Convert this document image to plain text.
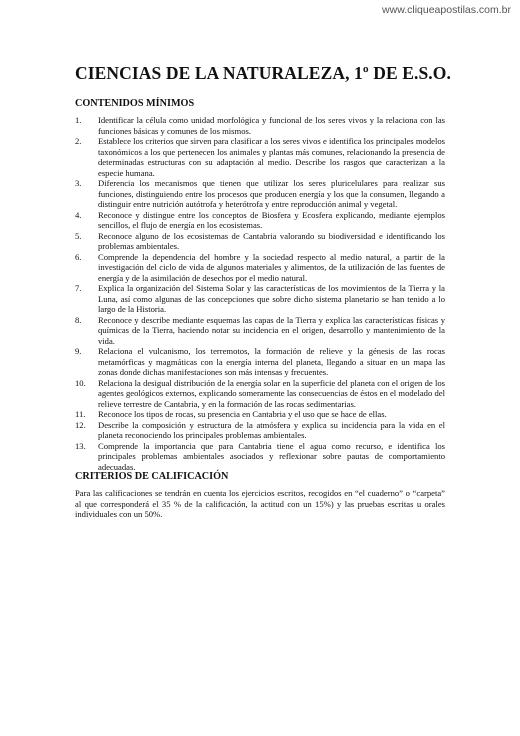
www.cliqueapostilas.com.br
CIENCIAS DE LA NATURALEZA, 1º DE E.S.O.
CONTENIDOS MÍNIMOS
1.	Identificar la célula como unidad morfológica y funcional de los seres vivos y la relaciona con las funciones básicas y comunes de los mismos.
2.	Establece los criterios que sirven para clasificar a los seres vivos e identifica los principales modelos taxonómicos a los que pertenecen los animales y plantas más comunes, relacionando la presencia de determinadas estructuras con su adaptación al medio. Describe los rasgos que caracterizan a la especie humana.
3.	Diferencia los mecanismos que tienen que utilizar los seres pluricelulares para realizar sus funciones, distinguiendo entre los procesos que producen energía y los que la consumen, llegando a distinguir entre nutrición autótrofa y heterótrofa y entre reproducción animal y vegetal.
4.	Reconoce y distingue entre los conceptos de Biosfera y Ecosfera explicando, mediante ejemplos sencillos, el flujo de energía en los ecosistemas.
5.	Reconoce alguno de los ecosistemas de Cantabria valorando su biodiversidad e identificando los problemas ambientales.
6.	Comprende la dependencia del hombre y la sociedad respecto al medio natural, a partir de la investigación del ciclo de vida de algunos materiales y alimentos, de la utilización de las fuentes de energía y de la asimilación de desechos por el medio natural.
7.	Explica la organización del Sistema Solar y las características de los movimientos de la Tierra y la Luna, así como algunas de las concepciones que sobre dicho sistema planetario se han tenido a lo largo de la Historia.
8.	Reconoce y describe mediante esquemas las capas de la Tierra y explica las características físicas y químicas de la Tierra, haciendo notar su incidencia en el origen, desarrollo y mantenimiento de la vida.
9.	Relaciona el vulcanismo, los terremotos, la formación de relieve y la génesis de las rocas metamórficas y magmáticas con la energía interna del planeta, llegando a situar en un mapa las zonas donde dichas manifestaciones son más intensas y frecuentes.
10.	Relaciona la desigual distribución de la energía solar en la superficie del planeta con el origen de los agentes geológicos externos, explicando someramente las consecuencias de éstos en el modelado del relieve terrestre de Cantabria, y en la formación de las rocas sedimentarias.
11.	Reconoce los tipos de rocas, su presencia en Cantabria y el uso que se hace de ellas.
12.	Describe la composición y estructura de la atmósfera y explica su incidencia para la vida en el planeta reconociendo los principales problemas ambientales.
13.	Comprende la importancia que para Cantabria tiene el agua como recurso, e identifica los principales problemas ambientales asociados y reflexionar sobre pautas de comportamiento adecuadas.
CRITERIOS DE CALIFICACIÓN

Para las calificaciones se tendrán en cuenta los ejercicios escritos, recogidos en “el cuaderno” o “carpeta” al que corresponderá el 35 % de la calificación, la actitud con un 15%) y las pruebas escritas u orales individuales con un 50%.
